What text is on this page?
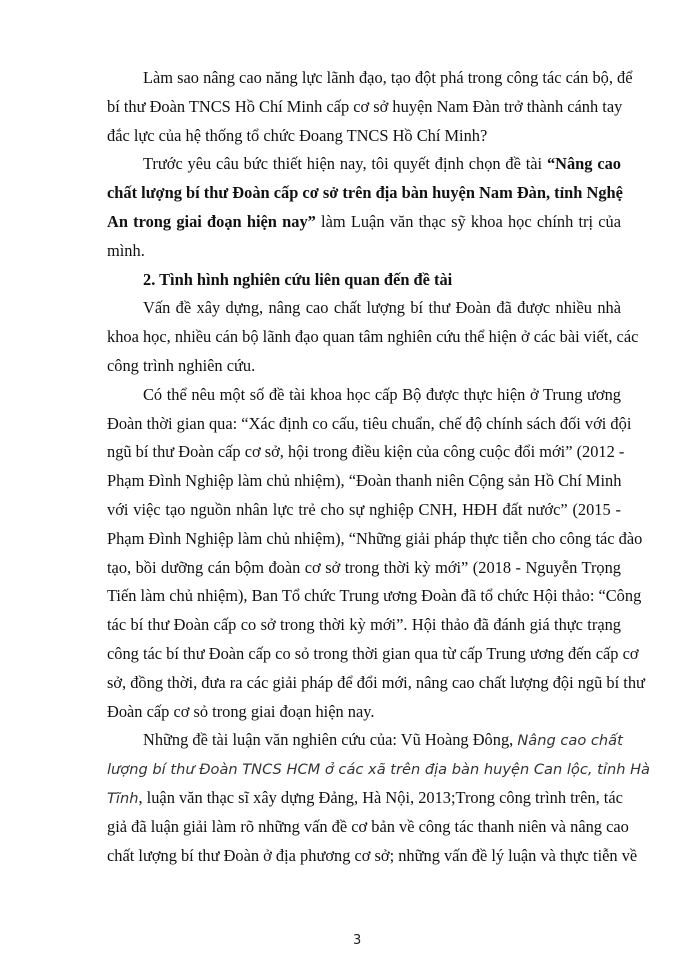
Làm sao nâng cao năng lực lãnh đạo, tạo đột phá trong công tác cán bộ, để
bí thư Đoàn TNCS Hồ Chí Minh cấp cơ sở huyện Nam Đàn trở thành cánh tay
đắc lực của hệ thống tổ chức Đoang TNCS Hồ Chí Minh?
Trước yêu câu bức thiết hiện nay, tôi quyết định chọn đề tài “Nâng cao
chất lượng bí thư Đoàn cấp cơ sở trên địa bàn huyện Nam Đàn, tỉnh Nghệ
An trong giai đoạn hiện nay” làm Luận văn thạc sỹ khoa học chính trị của
mình.
2. Tình hình nghiên cứu liên quan đến đề tài
Vấn đề xây dựng, nâng cao chất lượng bí thư Đoàn đã được nhiều nhà
khoa học, nhiều cán bộ lãnh đạo quan tâm nghiên cứu thể hiện ở các bài viết, các
công trình nghiên cứu.
Có thể nêu một số đề tài khoa học cấp Bộ được thực hiện ở Trung ương
Đoàn thời gian qua: “Xác định co cấu, tiêu chuẩn, chế độ chính sách đối với đội
ngũ bí thư Đoàn cấp cơ sở, hội trong điều kiện của công cuộc đổi mới” (2012 -
Phạm Đình Nghiệp làm chủ nhiệm), “Đoàn thanh niên Cộng sản Hồ Chí Minh
với việc tạo nguồn nhân lực trẻ cho sự nghiệp CNH, HĐH đất nước” (2015 -
Phạm Đình Nghiệp làm chủ nhiệm), “Những giải pháp thực tiễn cho công tác đào
tạo, bồi dưỡng cán bộm đoàn cơ sở trong thời kỳ mới” (2018 - Nguyễn Trọng
Tiến làm chủ nhiệm), Ban Tổ chức Trung ương Đoàn đã tổ chức Hội thảo: “Công
tác bí thư Đoàn cấp co sở trong thời kỳ mới”. Hội thảo đã đánh giá thực trạng
công tác bí thư Đoàn cấp co sỏ trong thời gian qua từ cấp Trung ương đến cấp cơ
sở, đồng thời, đưa ra các giải pháp để đổi mới, nâng cao chất lượng đội ngũ bí thư
Đoàn cấp cơ sỏ trong giai đoạn hiện nay.
Những đề tài luận văn nghiên cứu của: Vũ Hoàng Đông, Nâng cao chất
lượng bí thư Đoàn TNCS HCM ở các xã trên địa bàn huyện Can lộc, tỉnh Hà
Tĩnh, luận văn thạc sĩ xây dựng Đảng, Hà Nội, 2013;Trong công trình trên, tác
giả đã luận giải làm rõ những vấn đề cơ bản về công tác thanh niên và nâng cao
chất lượng bí thư Đoàn ở địa phương cơ sở; những vấn đề lý luận và thực tiễn về
3
